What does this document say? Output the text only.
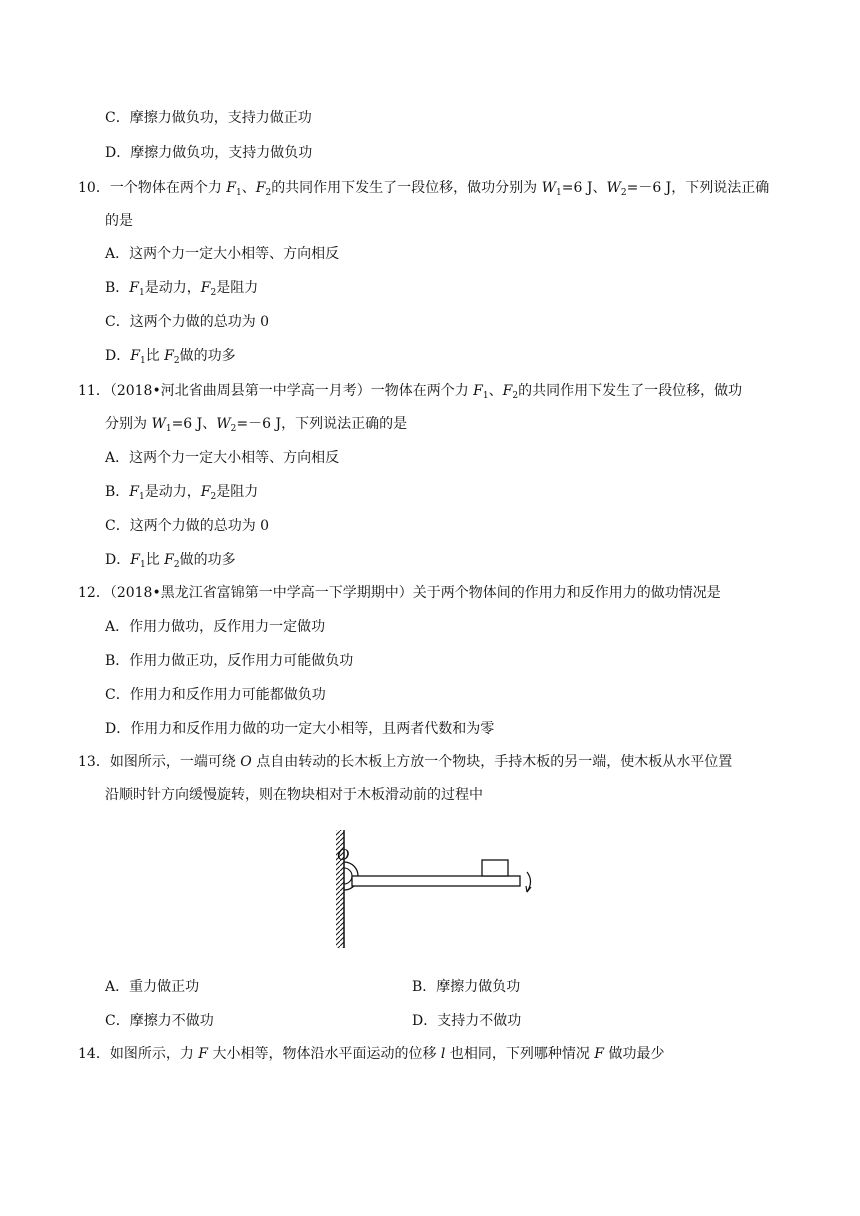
C．摩擦力做负功，支持力做正功
D．摩擦力做负功，支持力做负功
10．一个物体在两个力 $F_1$、$F_2$的共同作用下发生了一段位移，做功分别为 $W_1=6$ J、$W_2=-6$ J，下列说法正确
的是
A．这两个力一定大小相等、方向相反
B．$F_1$是动力，$F_2$是阻力
C．这两个力做的总功为 0
D．$F_1$比 $F_2$做的功多
11．（2018•河北省曲周县第一中学高一月考）一物体在两个力 $F_1$、$F_2$的共同作用下发生了一段位移，做功
分别为 $W_1=6$ J、$W_2=-6$ J，下列说法正确的是
A．这两个力一定大小相等、方向相反
B．$F_1$是动力，$F_2$是阻力
C．这两个力做的总功为 0
D．$F_1$比 $F_2$做的功多
12．（2018•黑龙江省富锦第一中学高一下学期期中）关于两个物体间的作用力和反作用力的做功情况是
A．作用力做功，反作用力一定做功
B．作用力做正功，反作用力可能做负功
C．作用力和反作用力可能都做负功
D．作用力和反作用力做的功一定大小相等，且两者代数和为零
13．如图所示，一端可绕 O 点自由转动的长木板上方放一个物块，手持木板的另一端，使木板从水平位置
沿顺时针方向缓慢旋转，则在物块相对于木板滑动前的过程中
O
A．重力做正功	B．摩擦力做负功
C．摩擦力不做功	D．支持力不做功
14．如图所示，力 F 大小相等，物体沿水平面运动的位移 l 也相同，下列哪种情况 F 做功最少
